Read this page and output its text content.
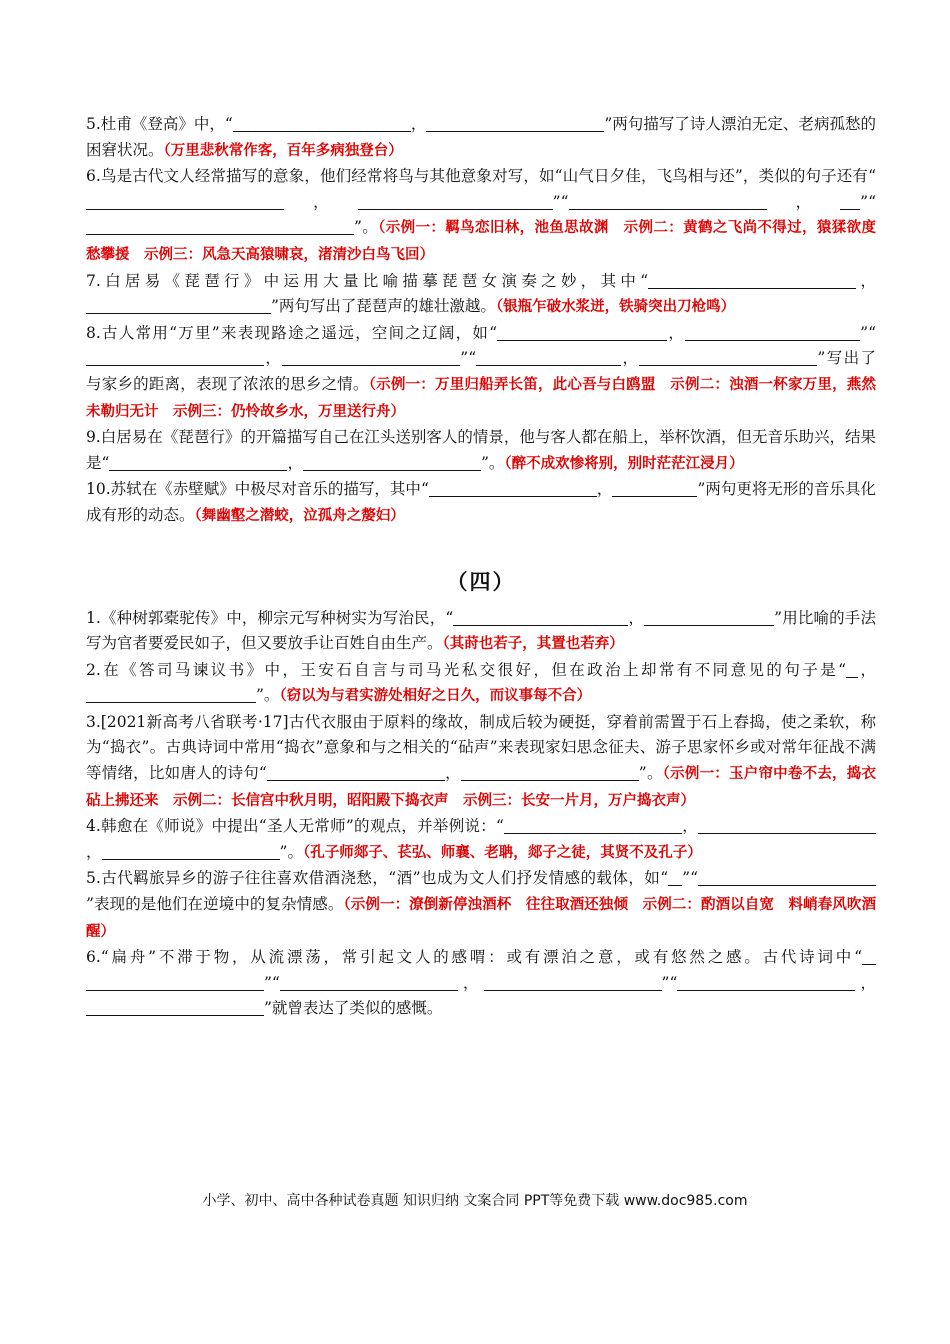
5.杜甫《登高》中，“	，	”两句描写了诗人漂泊无定、老病孤愁的困窘状况。（万里悲秋常作客，百年多病独登台）

6.鸟是古代文人经常描写的意象，他们经常将鸟与其他意象对写，如“山气日夕佳，飞鸟相与还”，类似的句子还有“，	”“	， ”“”。（示例一：羁鸟恋旧林，池鱼思故渊　示例二：黄鹤之飞尚不得过，猿猱欲度愁攀援　示例三：风急天高猿啸哀，渚清沙白鸟飞回）

7.白居易《琵琶行》中运用大量比喻描摹琵琶女演奏之妙，其中“	，”两句写出了琵琶声的雄壮激越。（银瓶乍破水浆迸，铁骑突出刀枪鸣）

8.古人常用“万里”来表现路途之遥远，空间之辽阔，如“	，	”“，	”“	，	”写出了与家乡的距离，表现了浓浓的思乡之情。（示例一：万里归船弄长笛，此心吾与白鸥盟　示例二：浊酒一杯家万里，燕然未勒归无计　示例三：仍怜故乡水，万里送行舟）

9.白居易在《琵琶行》的开篇描写自己在江头送别客人的情景，他与客人都在船上，举杯饮酒，但无音乐助兴，结果是“	，	”。（醉不成欢惨将别，别时茫茫江浸月）

10.苏轼在《赤壁赋》中极尽对音乐的描写，其中“	，	”两句更将无形的音乐具化成有形的动态。（舞幽壑之潜蛟，泣孤舟之嫠妇）

（四）

1.《种树郭橐驼传》中，柳宗元写种树实为写治民，“	，	”用比喻的手法写为官者要爱民如子，但又要放手让百姓自由生产。（其莳也若子，其置也若弃）

2.在《答司马谏议书》中，王安石自言与司马光私交很好，但在政治上却常有不同意见的句子是“ ，”。（窃以为与君实游处相好之日久，而议事每不合）

3.[2021新高考八省联考·17]古代衣服由于原料的缘故，制成后较为硬挺，穿着前需置于石上舂捣，使之柔软，称为“捣衣”。古典诗词中常用“捣衣”意象和与之相关的“砧声”来表现家妇思念征夫、游子思家怀乡或对常年征战不满等情绪，比如唐人的诗句“	，	”。（示例一：玉户帘中卷不去，捣衣砧上拂还来　示例二：长信宫中秋月明，昭阳殿下捣衣声　示例三：长安一片月，万户捣衣声）

4.韩愈在《师说》中提出“圣人无常师”的观点，并举例说：“	，，	”。（孔子师郯子、苌弘、师襄、老聃，郯子之徒，其贤不及孔子）

5.古代羁旅异乡的游子往往喜欢借酒浇愁，“酒”也成为文人们抒发情感的载体，如“ ”“”表现的是他们在逆境中的复杂情感。（示例一：潦倒新停浊酒杯　往往取酒还独倾　示例二：酌酒以自宽　料峭春风吹酒醒）

6.“扁舟”不滞于物，从流漂荡，常引起文人的感喟：或有漂泊之意，或有悠然之感。古代诗词中“”“	，	”“	，”就曾表达了类似的感慨。

小学、初中、高中各种试卷真题 知识归纳 文案合同 PPT等免费下载 www.doc985.com
